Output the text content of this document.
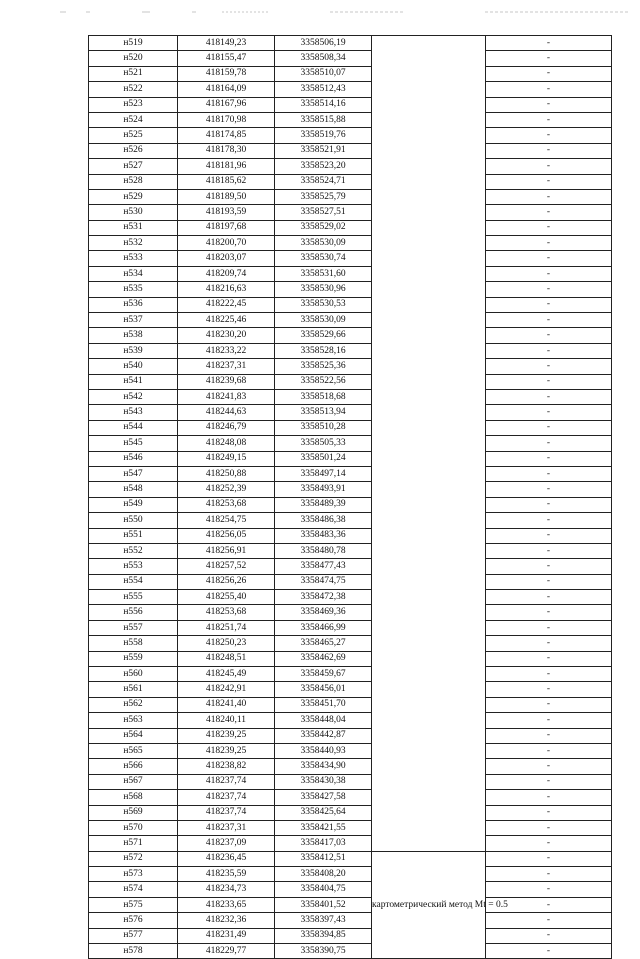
н519	418149,23	3358506,19		-
н520	418155,47	3358508,34		-
н521	418159,78	3358510,07		-
н522	418164,09	3358512,43		-
н523	418167,96	3358514,16		-
н524	418170,98	3358515,88		-
н525	418174,85	3358519,76		-
н526	418178,30	3358521,91		-
н527	418181,96	3358523,20		-
н528	418185,62	3358524,71		-
н529	418189,50	3358525,79		-
н530	418193,59	3358527,51		-
н531	418197,68	3358529,02		-
н532	418200,70	3358530,09		-
н533	418203,07	3358530,74		-
н534	418209,74	3358531,60		-
н535	418216,63	3358530,96		-
н536	418222,45	3358530,53		-
н537	418225,46	3358530,09		-
н538	418230,20	3358529,66		-
н539	418233,22	3358528,16		-
н540	418237,31	3358525,36		-
н541	418239,68	3358522,56		-
н542	418241,83	3358518,68		-
н543	418244,63	3358513,94		-
н544	418246,79	3358510,28		-
н545	418248,08	3358505,33		-
н546	418249,15	3358501,24		-
н547	418250,88	3358497,14		-
н548	418252,39	3358493,91		-
н549	418253,68	3358489,39		-
н550	418254,75	3358486,38		-
н551	418256,05	3358483,36		-
н552	418256,91	3358480,78		-
н553	418257,52	3358477,43		-
н554	418256,26	3358474,75		-
н555	418255,40	3358472,38		-
н556	418253,68	3358469,36		-
н557	418251,74	3358466,99		-
н558	418250,23	3358465,27		-
н559	418248,51	3358462,69		-
н560	418245,49	3358459,67		-
н561	418242,91	3358456,01		-
н562	418241,40	3358451,70		-
н563	418240,11	3358448,04		-
н564	418239,25	3358442,87		-
н565	418239,25	3358440,93		-
н566	418238,82	3358434,90		-
н567	418237,74	3358430,38		-
н568	418237,74	3358427,58		-
н569	418237,74	3358425,64		-
н570	418237,31	3358421,55		-
н571	418237,09	3358417,03		-
н572	418236,45	3358412,51	картометрический метод Mt = 0.5	-
н573	418235,59	3358408,20		-
н574	418234,73	3358404,75		-
н575	418233,65	3358401,52		-
н576	418232,36	3358397,43		-
н577	418231,49	3358394,85		-
н578	418229,77	3358390,75		-
